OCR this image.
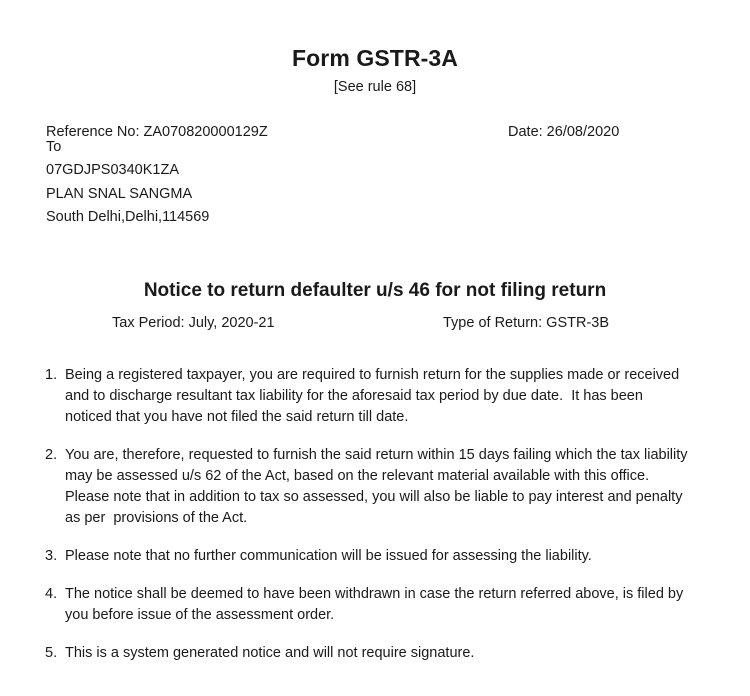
Form GSTR-3A
[See rule 68]
Reference No: ZA070820000129Z	Date: 26/08/2020
To
07GDJPS0340K1ZA
PLAN SNAL SANGMA
South Delhi,Delhi,114569
Notice to return defaulter u/s 46 for not filing return
Tax Period: July, 2020-21	Type of Return: GSTR-3B
1. Being a registered taxpayer, you are required to furnish return for the supplies made or received and to discharge resultant tax liability for the aforesaid tax period by due date.  It has been noticed that you have not filed the said return till date.
2. You are, therefore, requested to furnish the said return within 15 days failing which the tax liability may be assessed u/s 62 of the Act, based on the relevant material available with this office. Please note that in addition to tax so assessed, you will also be liable to pay interest and penalty as per  provisions of the Act.
3. Please note that no further communication will be issued for assessing the liability.
4. The notice shall be deemed to have been withdrawn in case the return referred above, is filed by you before issue of the assessment order.
5. This is a system generated notice and will not require signature.
